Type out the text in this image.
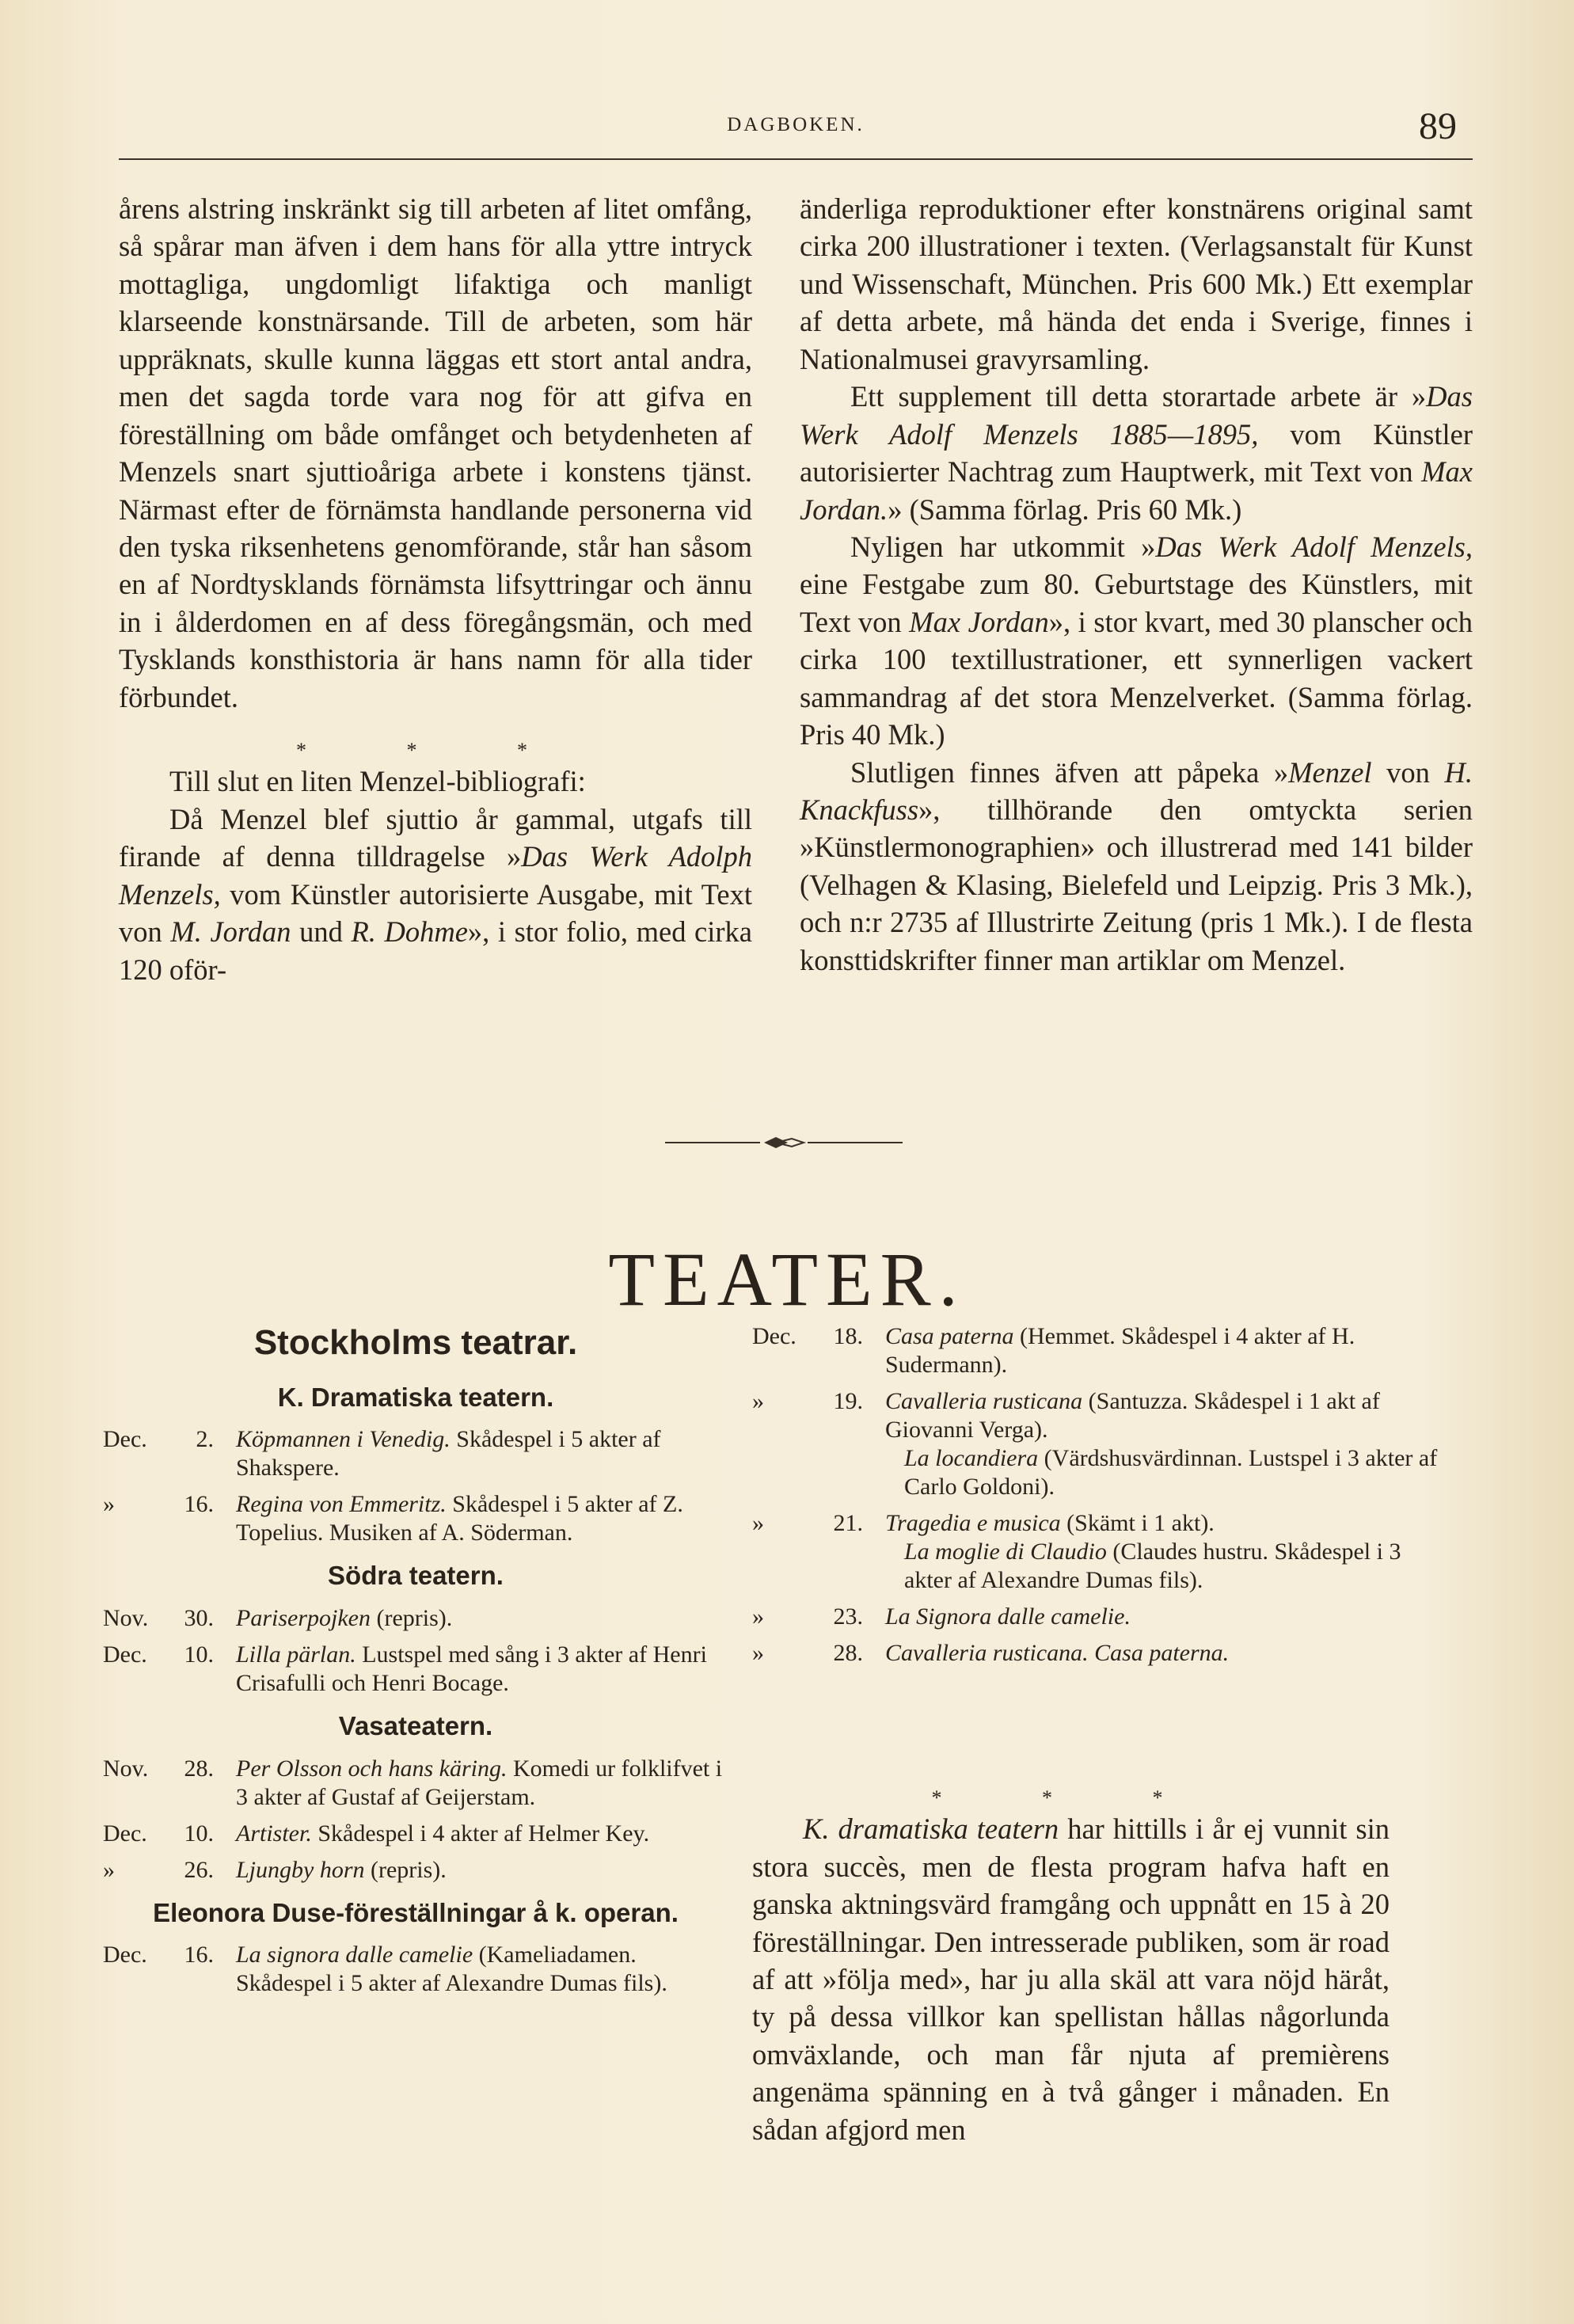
DAGBOKEN.	89

årens alstring inskränkt sig till arbeten af litet omfång, så spårar man äfven i dem hans för alla yttre intryck mottagliga, ungdomligt lifaktiga och manligt klarseende konstnärsande. Till de arbeten, som här uppräknats, skulle kunna läggas ett stort antal andra, men det sagda torde vara nog för att gifva en föreställning om både omfånget och betydenheten af Menzels snart sjuttioåriga arbete i konstens tjänst. Närmast efter de förnämsta handlande personerna vid den tyska riksenhetens genomförande, står han såsom en af Nordtysklands förnämsta lifsyttringar och ännu in i ålderdomen en af dess föregångsmän, och med Tysklands konsthistoria är hans namn för alla tider förbundet.

* * *

Till slut en liten Menzel-bibliografi:

Då Menzel blef sjuttio år gammal, utgafs till firande af denna tilldragelse »Das Werk Adolph Menzels, vom Künstler autorisierte Ausgabe, mit Text von M. Jordan und R. Dohme», i stor folio, med cirka 120 oför-

änderliga reproduktioner efter konstnärens original samt cirka 200 illustrationer i texten. (Verlagsanstalt für Kunst und Wissenschaft, München. Pris 600 Mk.) Ett exemplar af detta arbete, må hända det enda i Sverige, finnes i Nationalmusei gravyrsamling.

Ett supplement till detta storartade arbete är »Das Werk Adolf Menzels 1885—1895, vom Künstler autorisierter Nachtrag zum Hauptwerk, mit Text von Max Jordan.» (Samma förlag. Pris 60 Mk.)

Nyligen har utkommit »Das Werk Adolf Menzels, eine Festgabe zum 80. Geburtstage des Künstlers, mit Text von Max Jordan», i stor kvart, med 30 planscher och cirka 100 textillustrationer, ett synnerligen vackert sammandrag af det stora Menzelverket. (Samma förlag. Pris 40 Mk.)

Slutligen finnes äfven att påpeka »Menzel von H. Knackfuss», tillhörande den omtyckta serien »Künstlermonographien» och illustrerad med 141 bilder (Velhagen & Klasing, Bielefeld und Leipzig. Pris 3 Mk.), och n:r 2735 af Illustrirte Zeitung (pris 1 Mk.). I de flesta konsttidskrifter finner man artiklar om Menzel.

TEATER.
Stockholms teatrar.
K. Dramatiska teatern.
Dec.	2. Köpmannen i Venedig. Skådespel i 5 akter af Shakspere.
»	16. Regina von Emmeritz. Skådespel i 5 akter af Z. Topelius. Musiken af A. Söderman.
Södra teatern.
Nov.	30. Pariserpojken (repris).
Dec.	10. Lilla pärlan. Lustspel med sång i 3 akter af Henri Crisafulli och Henri Bocage.
Vasateatern.
Nov.	28. Per Olsson och hans käring. Komedi ur folklifvet i 3 akter af Gustaf af Geijerstam.
Dec.	10. Artister. Skådespel i 4 akter af Helmer Key.
»	26. Ljungby horn (repris).
Eleonora Duse-föreställningar å k. operan.
Dec.	16. La signora dalle camelie (Kameliadamen. Skådespel i 5 akter af Alexandre Dumas fils).
Dec.	18. Casa paterna (Hemmet. Skådespel i 4 akter af H. Sudermann).
»	19. Cavalleria rusticana (Santuzza. Skådespel i 1 akt af Giovanni Verga).
La locandiera (Värdshusvärdinnan. Lustspel i 3 akter af Carlo Goldoni).
»	21. Tragedia e musica (Skämt i 1 akt).
La moglie di Claudio (Claudes hustru. Skådespel i 3 akter af Alexandre Dumas fils).
»	23. La Signora dalle camelie.
»	28. Cavalleria rusticana. Casa paterna.
* * *

K. dramatiska teatern har hittills i år ej vunnit sin stora succès, men de flesta program hafva haft en ganska aktningsvärd framgång och uppnått en 15 à 20 föreställningar. Den intresserade publiken, som är road af att »följa med», har ju alla skäl att vara nöjd häråt, ty på dessa villkor kan spellistan hållas någorlunda omväxlande, och man får njuta af premièrens angenäma spänning en à två gånger i månaden. En sådan afgjord men
